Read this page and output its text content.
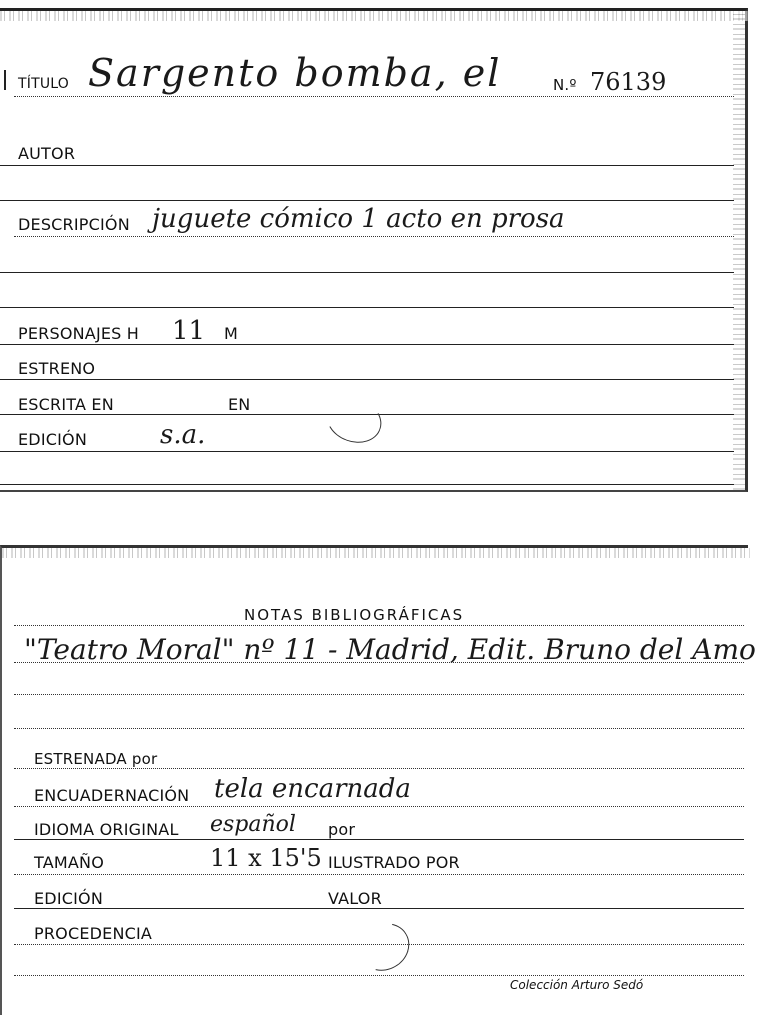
TÍTULO Sargento bomba, el	N.º 76139
AUTOR
DESCRIPCIÓN juguete cómico 1 acto en prosa
PERSONAJES H 11 M
ESTRENO
ESCRITA EN	EN
EDICIÓN	s.a.
NOTAS BIBLIOGRÁFICAS
"Teatro Moral" nº 11 - Madrid, Edit. Bruno del Amo
ESTRENADA por
ENCUADERNACIÓN tela encarnada
IDIOMA ORIGINAL español por
TAMAÑO	11 x 15'5 ILUSTRADO POR
EDICIÓN	VALOR
PROCEDENCIA
Colección Arturo Sedó
